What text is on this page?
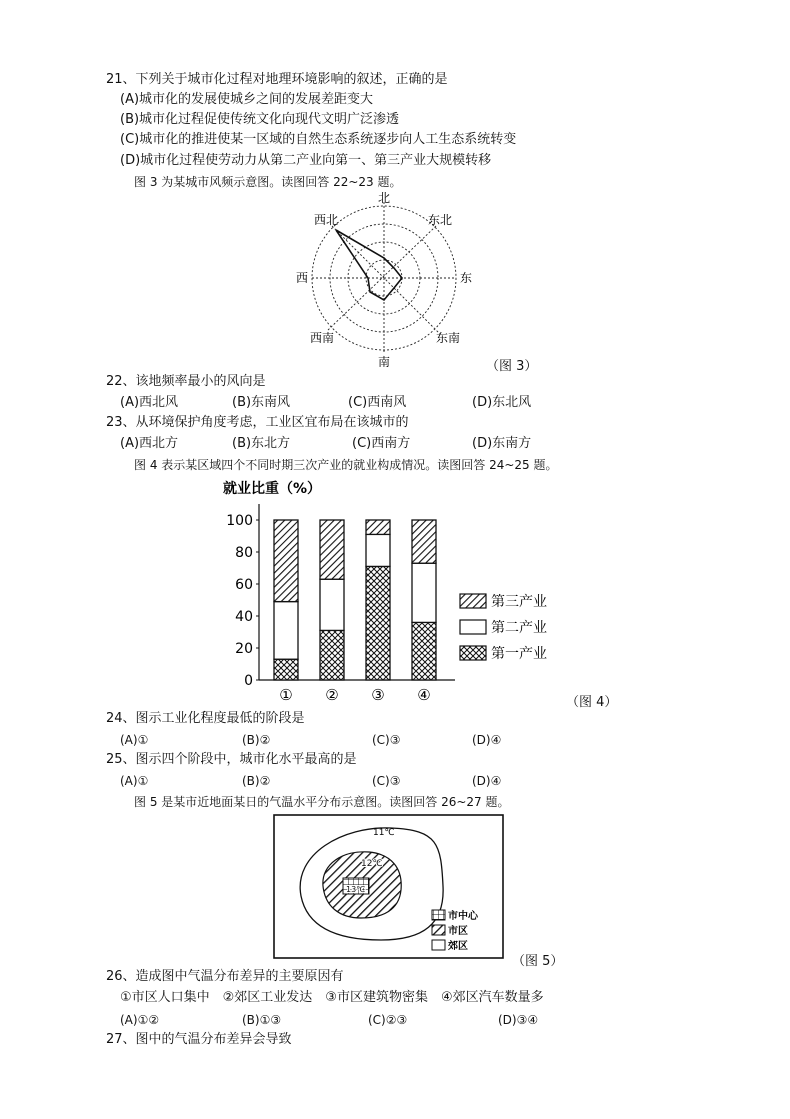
21、下列关于城市化过程对地理环境影响的叙述，正确的是
(A)城市化的发展使城乡之间的发展差距变大
(B)城市化过程促使传统文化向现代文明广泛渗透
(C)城市化的推进使某一区域的自然生态系统逐步向人工生态系统转变
(D)城市化过程使劳动力从第二产业向第一、第三产业大规模转移
图 3 为某城市风频示意图。读图回答 22~23 题。
北
东北
东
东南
南
西南
西
西北
（图 3）
22、该地频率最小的风向是
(A)西北风	(B)东南风	(C)西南风	(D)东北风
23、从环境保护角度考虑，工业区宜布局在该城市的
(A)西北方	(B)东北方	(C)西南方	(D)东南方
图 4 表示某区域四个不同时期三次产业的就业构成情况。读图回答 24~25 题。
就业比重（%）
0
20
40
60
80
100
① ② ③ ④
第三产业
第二产业
第一产业
（图 4）
24、图示工业化程度最低的阶段是
(A)①	(B)②	(C)③	(D)④
25、图示四个阶段中，城市化水平最高的是
(A)①	(B)②	(C)③	(D)④
图 5 是某市近地面某日的气温水平分布示意图。读图回答 26~27 题。
11℃
12℃
13℃
市中心
市区
郊区
（图 5）
26、造成图中气温分布差异的主要原因有
①市区人口集中　②郊区工业发达　③市区建筑物密集　④郊区汽车数量多
(A)①②	(B)①③	(C)②③	(D)③④
27、图中的气温分布差异会导致
